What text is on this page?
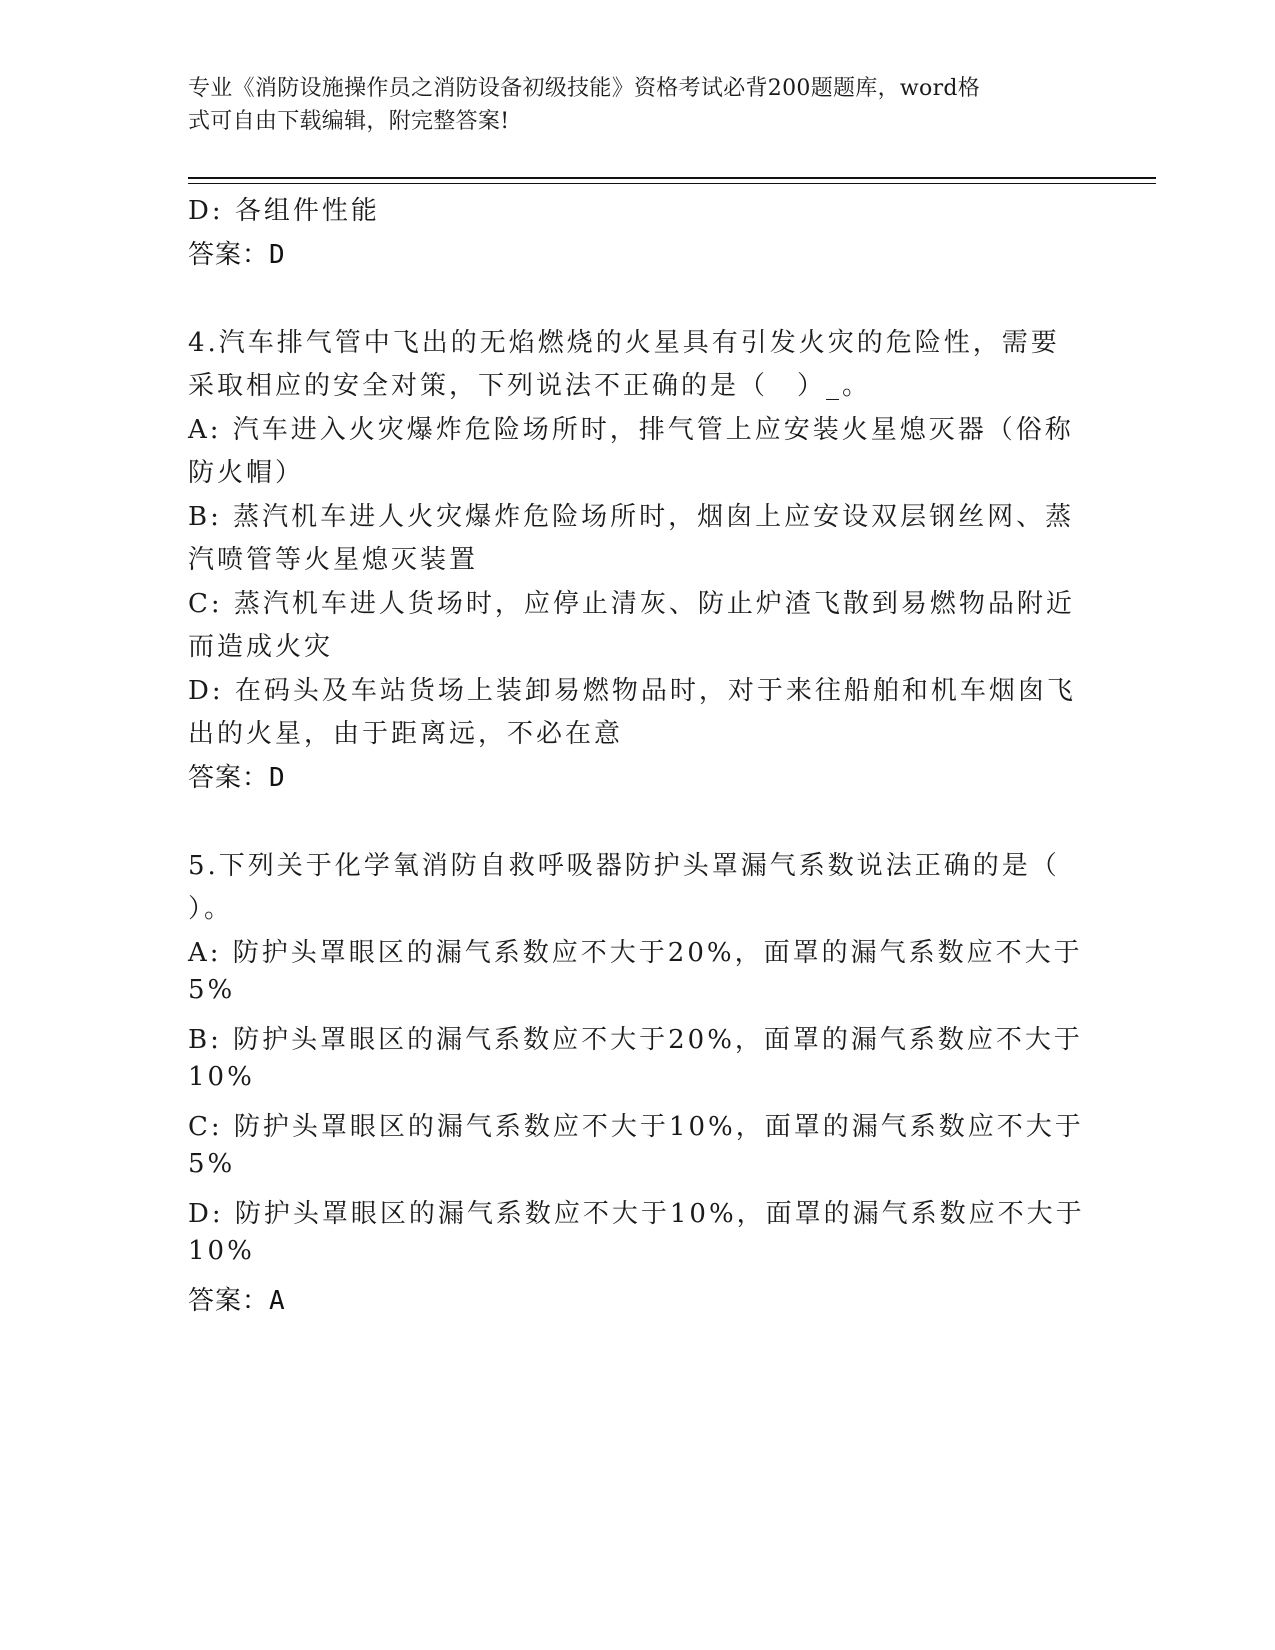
专业《消防设施操作员之消防设备初级技能》资格考试必背200题题库，word格
式可自由下载编辑，附完整答案!
D: 各组件性能
答案：D
4.汽车排气管中飞出的无焰燃烧的火星具有引发火灾的危险性，需要
采取相应的安全对策，下列说法不正确的是（　）_。
A: 汽车进入火灾爆炸危险场所时，排气管上应安装火星熄灭器（俗称
防火帽）
B: 蒸汽机车进人火灾爆炸危险场所时，烟囱上应安设双层钢丝网、蒸
汽喷管等火星熄灭装置
C: 蒸汽机车进人货场时，应停止清灰、防止炉渣飞散到易燃物品附近
而造成火灾
D: 在码头及车站货场上装卸易燃物品时，对于来往船舶和机车烟囱飞
出的火星，由于距离远，不必在意
答案：D
5.下列关于化学氧消防自救呼吸器防护头罩漏气系数说法正确的是（
）。
A: 防护头罩眼区的漏气系数应不大于20%，面罩的漏气系数应不大于
5%
B: 防护头罩眼区的漏气系数应不大于20%，面罩的漏气系数应不大于
10%
C: 防护头罩眼区的漏气系数应不大于10%，面罩的漏气系数应不大于
5%
D: 防护头罩眼区的漏气系数应不大于10%，面罩的漏气系数应不大于
10%
答案：A
